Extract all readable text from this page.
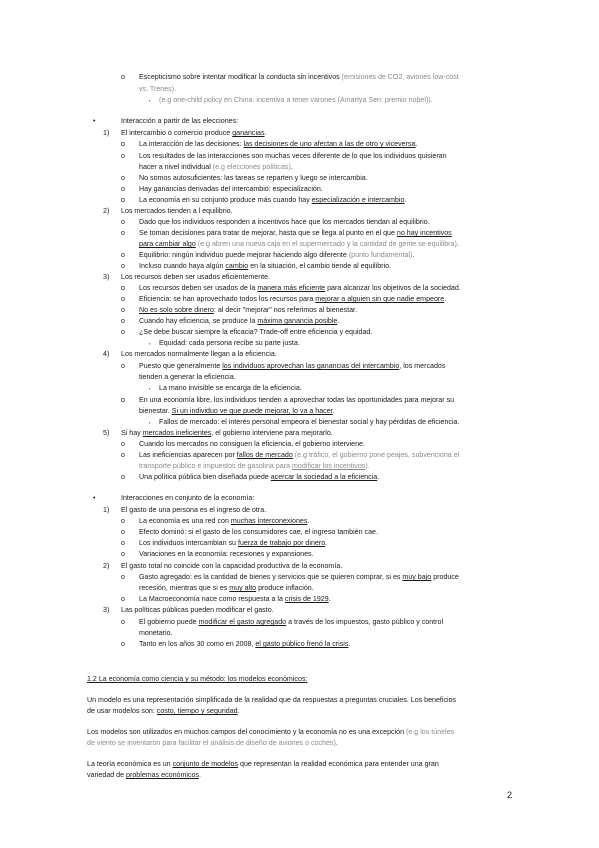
o	Escepticismo sobre intentar modificar la conducta sin incentivos (emisiones de CO2, aviones low-cost
vs. Trenes).
▪	(e.g one-child policy en China: incentiva a tener varones (Amartya Sen: premio nobel)).
•	Interacción a partir de las elecciones:
1)	El intercambio o comercio produce ganancias.
o	La interacción de las decisiones: las decisiones de uno afectan a las de otro y viceversa.
o	Los resultados de las interacciones son muchas veces diferente de lo que los individuos quisieran
hacer a nivel individual (e.g elecciones políticas).
o	No somos autosuficientes: las tareas se reparten y luego se intercambia.
o	Hay ganancias derivadas del intercambio: especialización.
o	La economía en su conjunto produce más cuando hay especialización e intercambio.
2)	Los mercados tienden a l equilibrio.
o	Dado que los individuos responden a incentivos hace que los mercados tiendan al equilibrio.
o	Se toman decisiones para tratar de mejorar, hasta que se llega al punto en el que no hay incentivos
para cambiar algo (e.g abren una nueva caja en el supermercado y la cantidad de gente se equilibra).
o	Equilibrio: ningún individuo puede mejorar haciendo algo diferente (punto fundamental).
o	Incluso cuando haya algún cambio en la situación, el cambio tiende al equilibrio.
3)	Los recursos deben ser usados eficientemente.
o	Los recursos deben ser usados de la manera más eficiente para alcanzar los objetivos de la sociedad.
o	Eficiencia: se han aprovechado todos los recursos para mejorar a alguien sin que nadie empeore.
o	No es solo sobre dinero: al decir "mejorar" nos referimos al bienestar.
o	Cuando hay eficiencia, se produce la máxima ganancia posible.
o	¿Se debe buscar siempre la eficacia? Trade-off entre eficiencia y equidad.
▪	Equidad: cada persona recibe su parte justa.
4)	Los mercados normalmente llegan a la eficiencia.
o	Puesto que generalmente los individuos aprovechan las ganancias del intercambio, los mercados
tienden a generar la eficiencia.
▪	La mano invisible se encarga de la eficiencia.
o	En una economía libre, los individuos tienden a aprovechar todas las oportunidades para mejorar su
bienestar. Si un individuo ve que puede mejorar, lo va a hacer.
▪	Fallos de mercado: el interés personal empeora el bienestar social y hay pérdidas de eficiencia.
5)	Si hay mercados ineficientes, el gobierno interviene para mejorarlo.
o	Cuando los mercados no consiguen la eficiencia, el gobierno interviene.
o	Las ineficiencias aparecen por fallos de mercado (e.g tráfico, el gobierno pone peajes, subvenciona el
transporte público e impuestos de gasolina para modificar los incentivos).
o	Una política pública bien diseñada puede acercar la sociedad a la eficiencia.
•	Interacciones en conjunto de la economía:
1)	El gasto de una persona es el ingreso de otra.
o	La economía es una red con muchas interconexiones.
o	Efecto dominó: si el gasto de los consumidores cae, el ingreso también cae.
o	Los individuos intercambian su fuerza de trabajo por dinero.
o	Variaciones en la economía: recesiones y expansiones.
2)	El gasto total no coincide con la capacidad productiva de la economía.
o	Gasto agregado: es la cantidad de bienes y servicios que se quieren comprar, si es muy bajo produce
recesión, mientras que si es muy alto produce inflación.
o	La Macroeconomía nace como respuesta a la crisis de 1929.
3)	Las políticas públicas pueden modificar el gasto.
o	El gobierno puede modificar el gasto agregado a través de los impuestos, gasto público y control
monetario.
o	Tanto en los años 30 como en 2008, el gasto público frenó la crisis.
1.2 La economía como ciencia y su método: los modelos económicos:
Un modelo es una representación simplificada de la realidad que da respuestas a preguntas cruciales. Los beneficios
de usar modelos son: costo, tiempo y seguridad.
Los modelos son utilizados en muchos campos del conocimiento y la economía no es una excepción (e.g los túneles
de viento se inventaron para facilitar el análisis de diseño de aviones o coches).
La teoría económica es un conjunto de modelos que representan la realidad económica para entender una gran
variedad de problemas económicos.
2
